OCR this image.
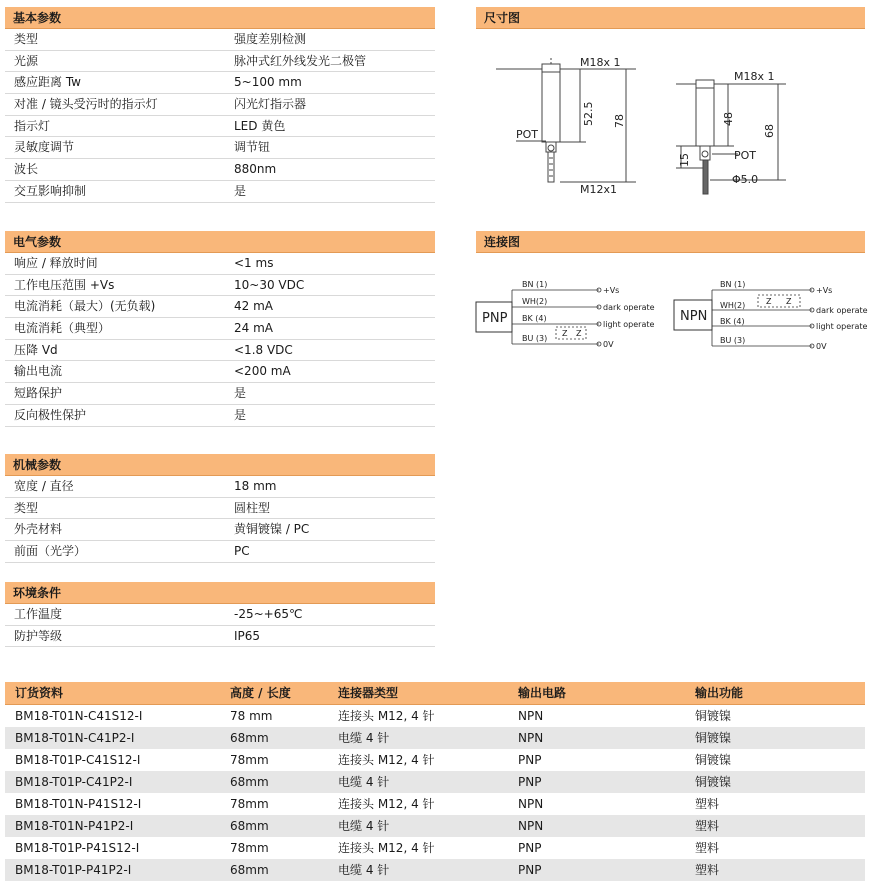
基本参数
类型	强度差别检测
光源	脉冲式红外线发光二极管
感应距离 Tw	5~100 mm
对准 / 镜头受污时的指示灯	闪光灯指示器
指示灯	LED 黄色
灵敏度调节	调节钮
波长	880nm
交互影响抑制	是
电气参数
响应 / 释放时间	<1 ms
工作电压范围 +Vs	10~30 VDC
电流消耗（最大）(无负载)	42 mA
电流消耗（典型）	24 mA
压降 Vd	<1.8 VDC
输出电流	<200 mA
短路保护	是
反向极性保护	是
机械参数
宽度 / 直径	18 mm
类型	圆柱型
外壳材料	黄铜镀镍 / PC
前面（光学）	PC
环境条件
工作温度	-25~+65℃
防护等级	IP65
尺寸图
M18x 1
52.5 78
POT
M12x1
M18x 1
48
68
POT
15
Φ5.0
连接图
PNP
BN (1)
WH(2)
BK (4)
BU (3)
Z Z
+Vs
dark operate
light operate
0V
NPN
BN (1)
WH(2)
BK (4)
BU (3)
Z Z
+Vs
dark operate
light operate
0V
订货资料	高度 / 长度	连接器类型	输出电路	输出功能
BM18-T01N-C41S12-I	78 mm	连接头 M12, 4 针	NPN	铜镀镍
BM18-T01N-C41P2-I	68mm	电缆 4 针	NPN	铜镀镍
BM18-T01P-C41S12-I	78mm	连接头 M12, 4 针	PNP	铜镀镍
BM18-T01P-C41P2-I	68mm	电缆 4 针	PNP	铜镀镍
BM18-T01N-P41S12-I	78mm	连接头 M12, 4 针	NPN	塑料
BM18-T01N-P41P2-I	68mm	电缆 4 针	NPN	塑料
BM18-T01P-P41S12-I	78mm	连接头 M12, 4 针	PNP	塑料
BM18-T01P-P41P2-I	68mm	电缆 4 针	PNP	塑料
